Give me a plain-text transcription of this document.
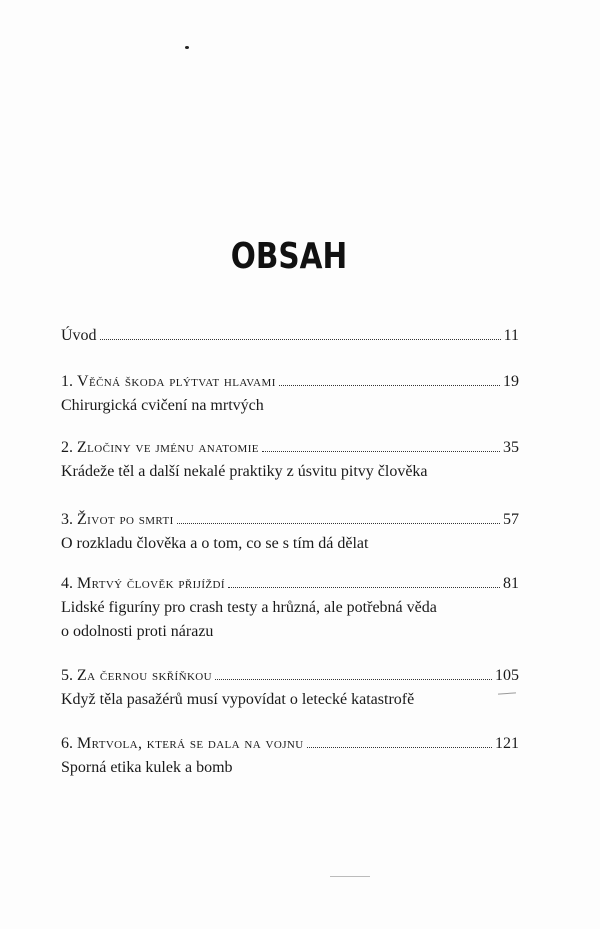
OBSAH
Úvod	11
1. Věčná škoda plýtvat hlavami	19
Chirurgická cvičení na mrtvých
2. Zločiny ve jménu anatomie	35
Krádeže těl a další nekalé praktiky z úsvitu pitvy člověka
3. Život po smrti	57
O rozkladu člověka a o tom, co se s tím dá dělat
4. Mrtvý člověk přijíždí	81
Lidské figuríny pro crash testy a hrůzná, ale potřebná věda
o odolnosti proti nárazu
5. Za černou skříňkou	105
Když těla pasažérů musí vypovídat o letecké katastrofě
6. Mrtvola, která se dala na vojnu	121
Sporná etika kulek a bomb
